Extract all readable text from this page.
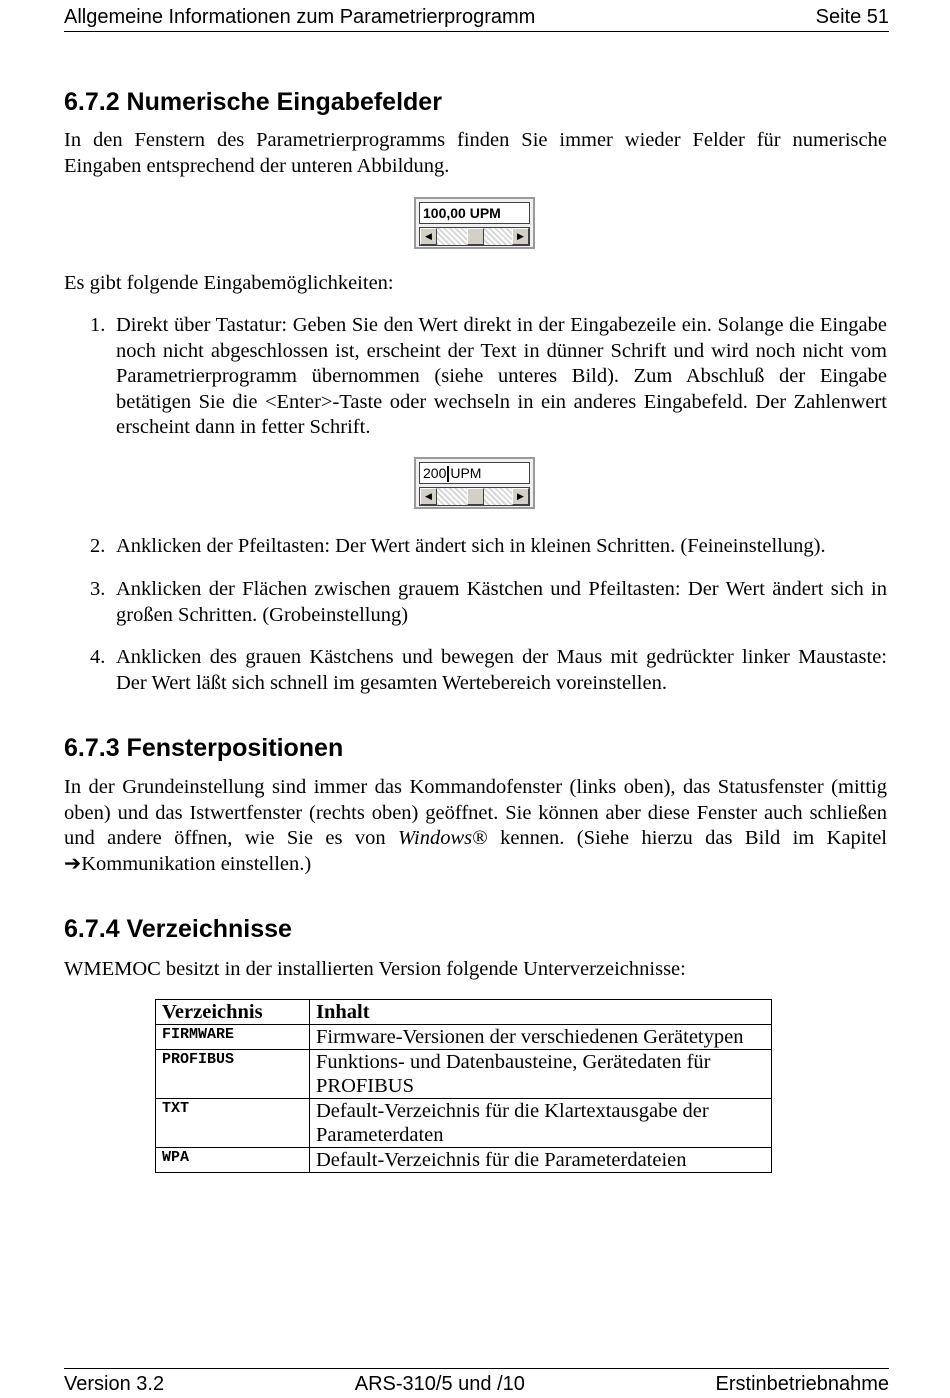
Allgemeine Informationen zum Parametrierprogramm	Seite 51
6.7.2 Numerische Eingabefelder

In den Fenstern des Parametrierprogramms finden Sie immer wieder Felder für numerische Eingaben entsprechend der unteren Abbildung.

100,00 UPM
◀	▶

Es gibt folgende Eingabemöglichkeiten:

1. Direkt über Tastatur: Geben Sie den Wert direkt in der Eingabezeile ein. Solange die Eingabe noch nicht abgeschlossen ist, erscheint der Text in dünner Schrift und wird noch nicht vom Parametrierprogramm übernommen (siehe unteres Bild). Zum Abschluß der Eingabe betätigen Sie die <Enter>-Taste oder wechseln in ein anderes Eingabefeld. Der Zahlenwert erscheint dann in fetter Schrift.
200 UPM
◀	▶
2. Anklicken der Pfeiltasten: Der Wert ändert sich in kleinen Schritten. (Feineinstellung).
3. Anklicken der Flächen zwischen grauem Kästchen und Pfeiltasten: Der Wert ändert sich in großen Schritten. (Grobeinstellung)
4. Anklicken des grauen Kästchens und bewegen der Maus mit gedrückter linker Maustaste: Der Wert läßt sich schnell im gesamten Wertebereich voreinstellen.
6.7.3 Fensterpositionen

In der Grundeinstellung sind immer das Kommandofenster (links oben), das Statusfenster (mittig oben) und das Istwertfenster (rechts oben) geöffnet. Sie können aber diese Fenster auch schließen und andere öffnen, wie Sie es von Windows® kennen. (Siehe hierzu das Bild im Kapitel ➔Kommunikation einstellen.)

6.7.4 Verzeichnisse

WMEMOC besitzt in der installierten Version folgende Unterverzeichnisse:

Verzeichnis	Inhalt
FIRMWARE	Firmware-Versionen der verschiedenen Gerätetypen
PROFIBUS	Funktions- und Datenbausteine, Gerätedaten für PROFIBUS
TXT	Default-Verzeichnis für die Klartextausgabe der Parameterdaten
WPA	Default-Verzeichnis für die Parameterdateien
Version 3.2	ARS-310/5 und /10	Erstinbetriebnahme
